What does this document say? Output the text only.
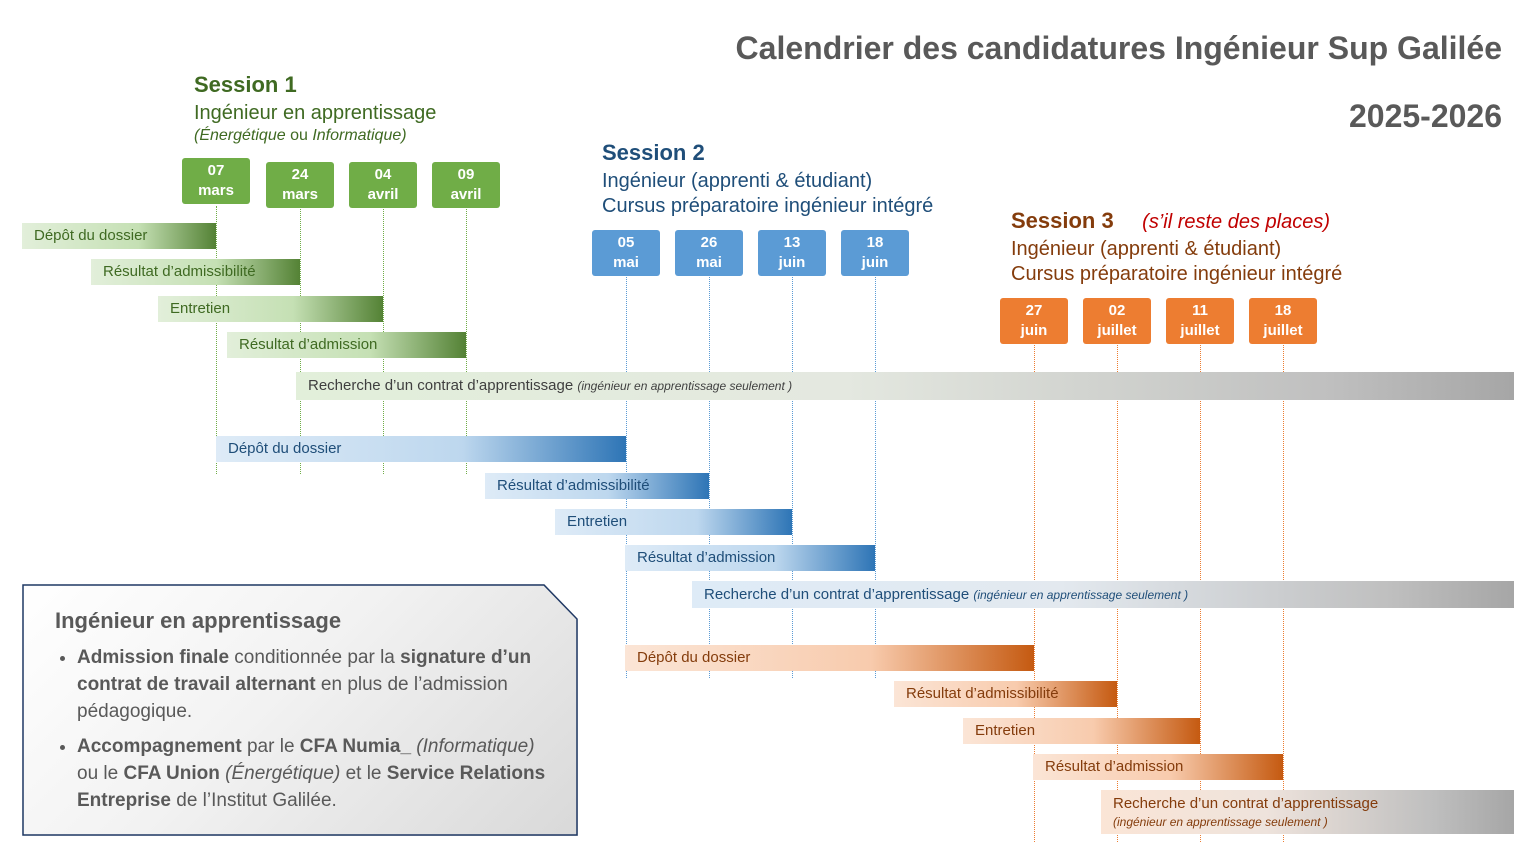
Calendrier des candidatures Ingénieur Sup Galilée
2025-2026
Session 1
Ingénieur en apprentissage
(Énergétique ou Informatique)
Session 2
Ingénieur (apprenti & étudiant)
Cursus préparatoire ingénieur intégré
Session 3 (s’il reste des places)
Ingénieur (apprenti & étudiant)
Cursus préparatoire ingénieur intégré
07
mars
24
mars
04
avril
09
avril
05
mai
26
mai
13
juin
18
juin
27
juin
02
juillet
11
juillet
18
juillet
Dépôt du dossier
Résultat d’admissibilité
Entretien
Résultat d’admission
Recherche d’un contrat d’apprentissage (ingénieur en apprentissage seulement )
Dépôt du dossier
Résultat d’admissibilité
Entretien
Résultat d’admission
Recherche d’un contrat d’apprentissage (ingénieur en apprentissage seulement )
Dépôt du dossier
Résultat d’admissibilité
Entretien
Résultat d’admission
Recherche d’un contrat d’apprentissage
(ingénieur en apprentissage seulement )
Ingénieur en apprentissage
• Admission finale conditionnée par la signature d’un contrat de travail alternant en plus de l’admission pédagogique.
• Accompagnement par le CFA Numia_ (Informatique) ou le CFA Union (Énergétique) et le Service Relations Entreprise de l’Institut Galilée.
